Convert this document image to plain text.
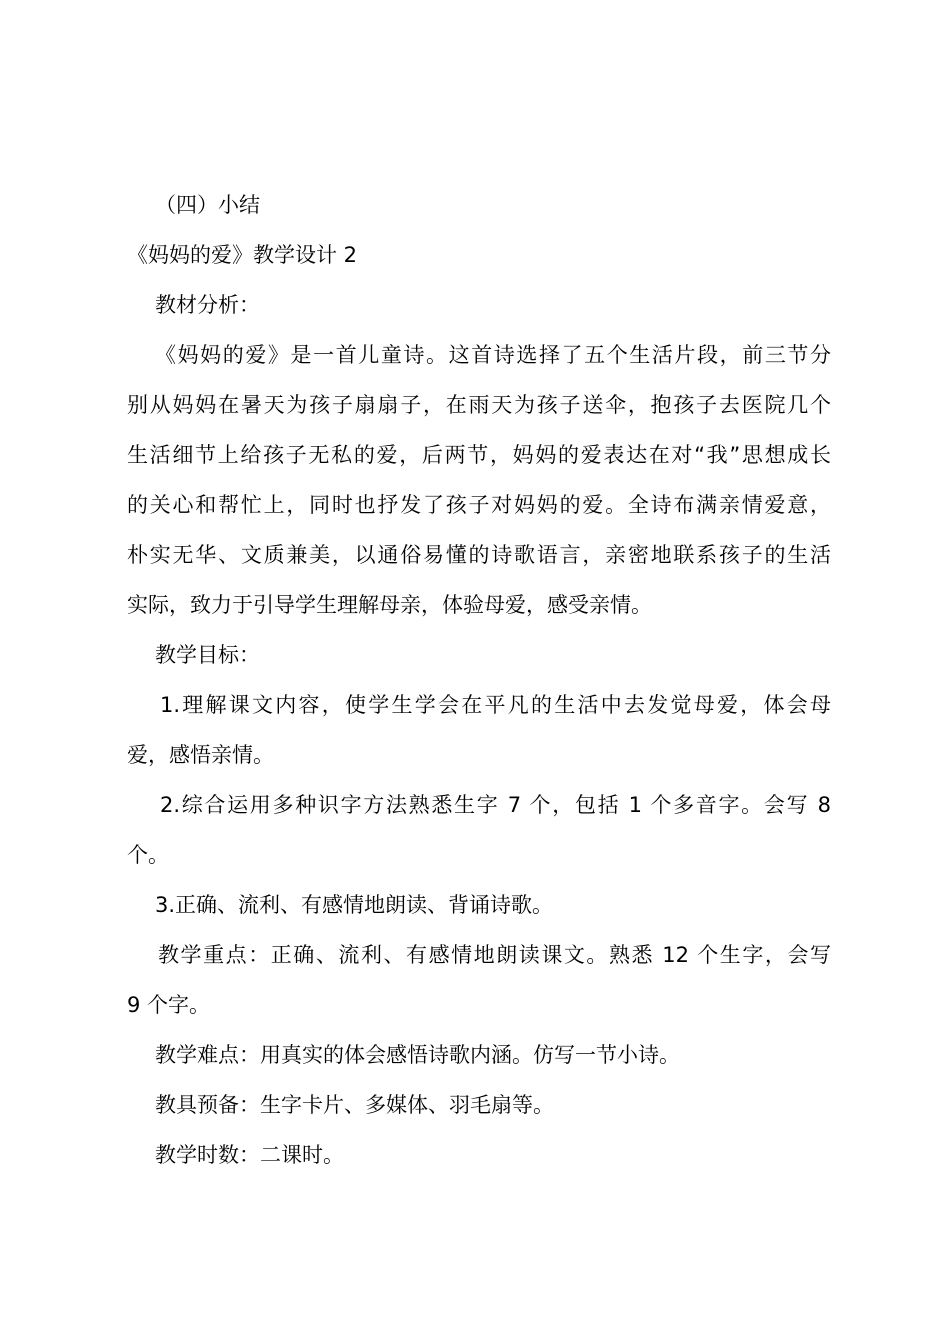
（四）小结
《妈妈的爱》教学设计 2
教材分析：
《妈妈的爱》是一首儿童诗。这首诗选择了五个生活片段，前三节分
别从妈妈在暑天为孩子扇扇子，在雨天为孩子送伞，抱孩子去医院几个
生活细节上给孩子无私的爱，后两节，妈妈的爱表达在对“我”思想成长
的关心和帮忙上，同时也抒发了孩子对妈妈的爱。全诗布满亲情爱意，
朴实无华、文质兼美，以通俗易懂的诗歌语言，亲密地联系孩子的生活
实际，致力于引导学生理解母亲，体验母爱，感受亲情。
教学目标：
1.理解课文内容，使学生学会在平凡的生活中去发觉母爱，体会母
爱，感悟亲情。
2.综合运用多种识字方法熟悉生字 7 个，包括 1 个多音字。会写 8
个。
3.正确、流利、有感情地朗读、背诵诗歌。
教学重点：正确、流利、有感情地朗读课文。熟悉 12 个生字，会写
9 个字。
教学难点：用真实的体会感悟诗歌内涵。仿写一节小诗。
教具预备：生字卡片、多媒体、羽毛扇等。
教学时数：二课时。
